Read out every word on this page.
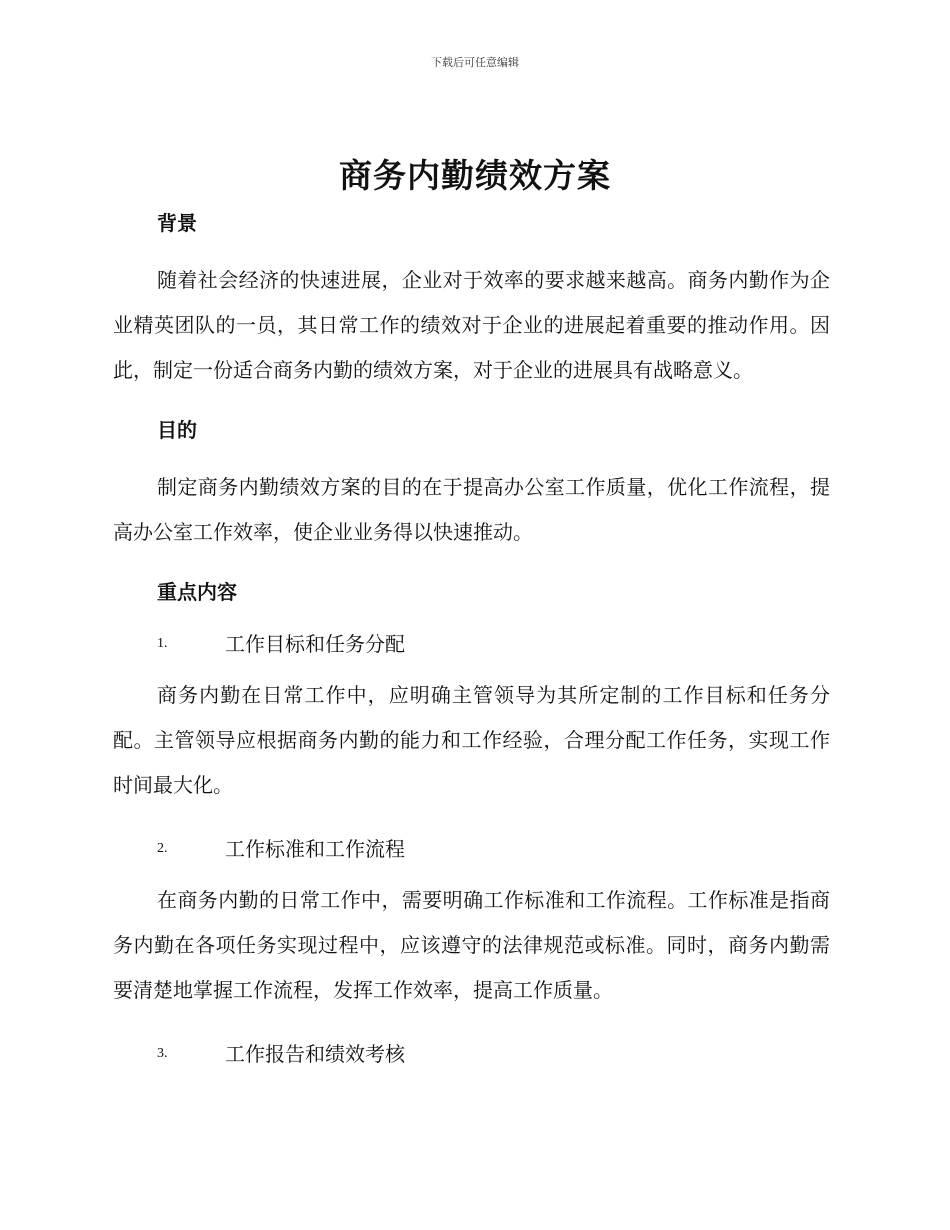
下载后可任意编辑
商务内勤绩效方案
背景

随着社会经济的快速进展，企业对于效率的要求越来越高。商务内勤作为企业精英团队的一员，其日常工作的绩效对于企业的进展起着重要的推动作用。因此，制定一份适合商务内勤的绩效方案，对于企业的进展具有战略意义。

目的

制定商务内勤绩效方案的目的在于提高办公室工作质量，优化工作流程，提高办公室工作效率，使企业业务得以快速推动。

重点内容
1.	工作目标和任务分配

商务内勤在日常工作中，应明确主管领导为其所定制的工作目标和任务分配。主管领导应根据商务内勤的能力和工作经验，合理分配工作任务，实现工作时间最大化。

2.	工作标准和工作流程

在商务内勤的日常工作中，需要明确工作标准和工作流程。工作标准是指商务内勤在各项任务实现过程中，应该遵守的法律规范或标准。同时，商务内勤需要清楚地掌握工作流程，发挥工作效率，提高工作质量。

3.	工作报告和绩效考核
